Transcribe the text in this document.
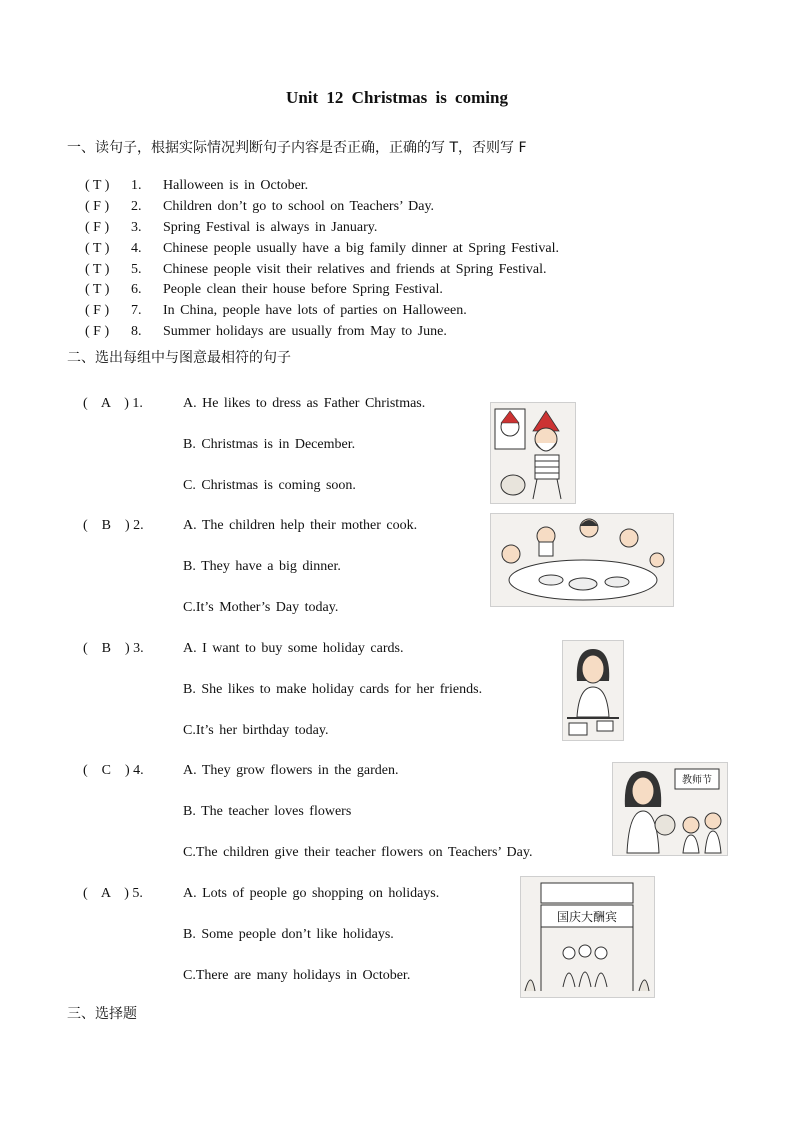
Unit 12 Christmas is coming
一、读句子，根据实际情况判断句子内容是否正确，正确的写 T，否则写 F
( T )	1.	Halloween is in October.
( F )	2.	Children don’t go to school on Teachers’ Day.
( F )	3.	Spring Festival is always in January.
( T )	4.	Chinese people usually have a big family dinner at Spring Festival.
( T )	5.	Chinese people visit their relatives and friends at Spring Festival.
( T )	6.	People clean their house before Spring Festival.
( F )	7.	In China, people have lots of parties on Halloween.
( F )	8.	Summer holidays are usually from May to June.
二、选出每组中与图意最相符的句子
(    A    ) 1.	A. He likes to dress as Father Christmas.
B. Christmas is in December.
C. Christmas is coming soon.
(    B    ) 2.	A. The children help their mother cook.
B. They have a big dinner.
C.It’s Mother’s Day today.
(    B    ) 3.	A. I want to buy some holiday cards.
B. She likes to make holiday cards for her friends.
C.It’s her birthday today.
(    C    ) 4.	A. They grow flowers in the garden.
B. The teacher loves flowers
C.The children give their teacher flowers on Teachers’ Day.
教师节
(    A    ) 5.	A. Lots of people go shopping on holidays.
B. Some people don’t like holidays.
C.There are many holidays in October.
国庆大酬宾
三、选择题
